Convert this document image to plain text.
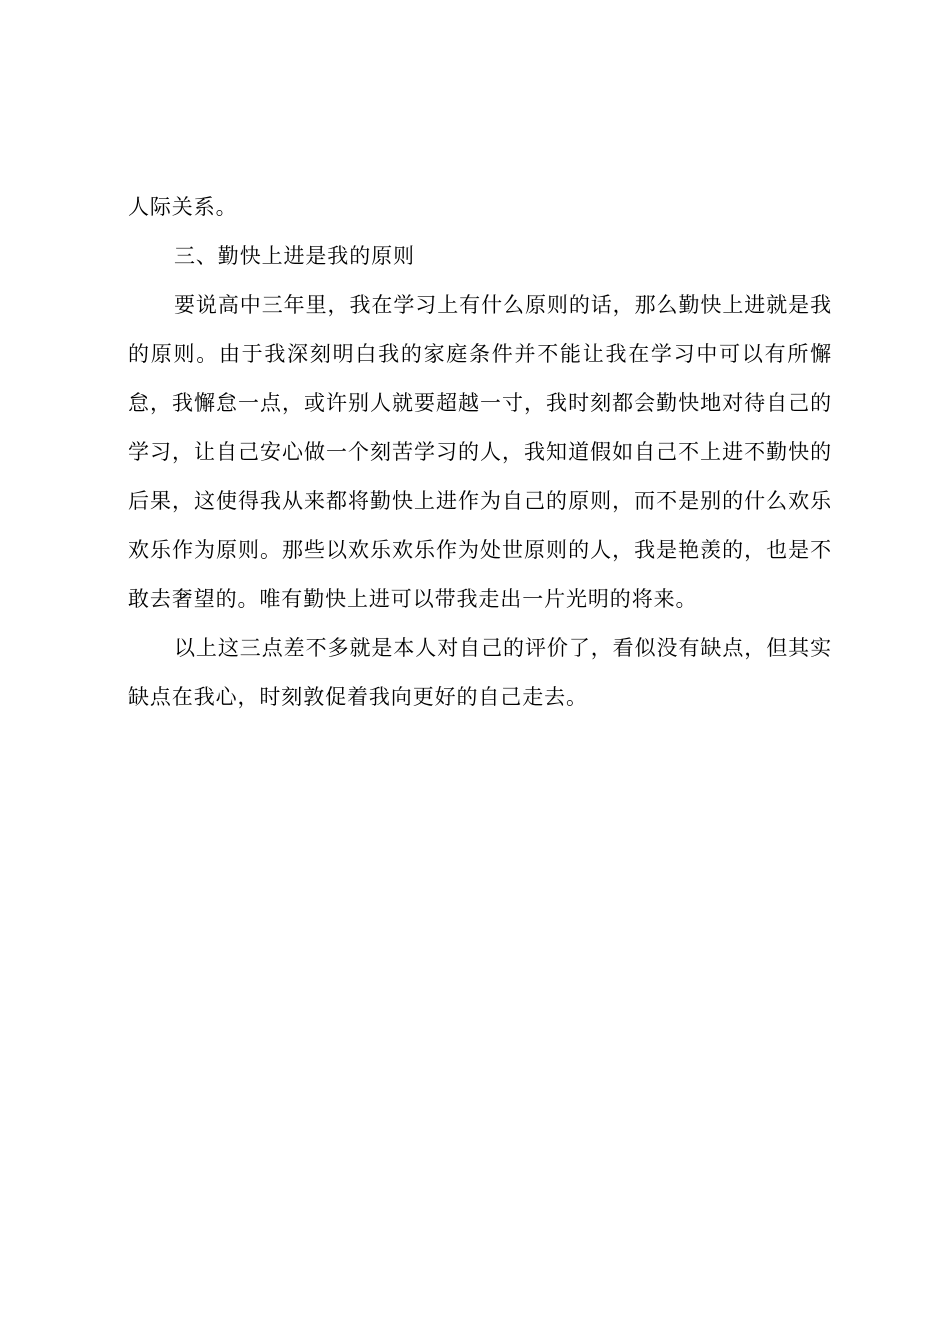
人际关系。

三、勤快上进是我的原则

要说高中三年里，我在学习上有什么原则的话，那么勤快上进就是我的原则。由于我深刻明白我的家庭条件并不能让我在学习中可以有所懈怠，我懈怠一点，或许别人就要超越一寸，我时刻都会勤快地对待自己的学习，让自己安心做一个刻苦学习的人，我知道假如自己不上进不勤快的后果，这使得我从来都将勤快上进作为自己的原则，而不是别的什么欢乐欢乐作为原则。那些以欢乐欢乐作为处世原则的人，我是艳羡的，也是不敢去奢望的。唯有勤快上进可以带我走出一片光明的将来。

以上这三点差不多就是本人对自己的评价了，看似没有缺点，但其实缺点在我心，时刻敦促着我向更好的自己走去。
